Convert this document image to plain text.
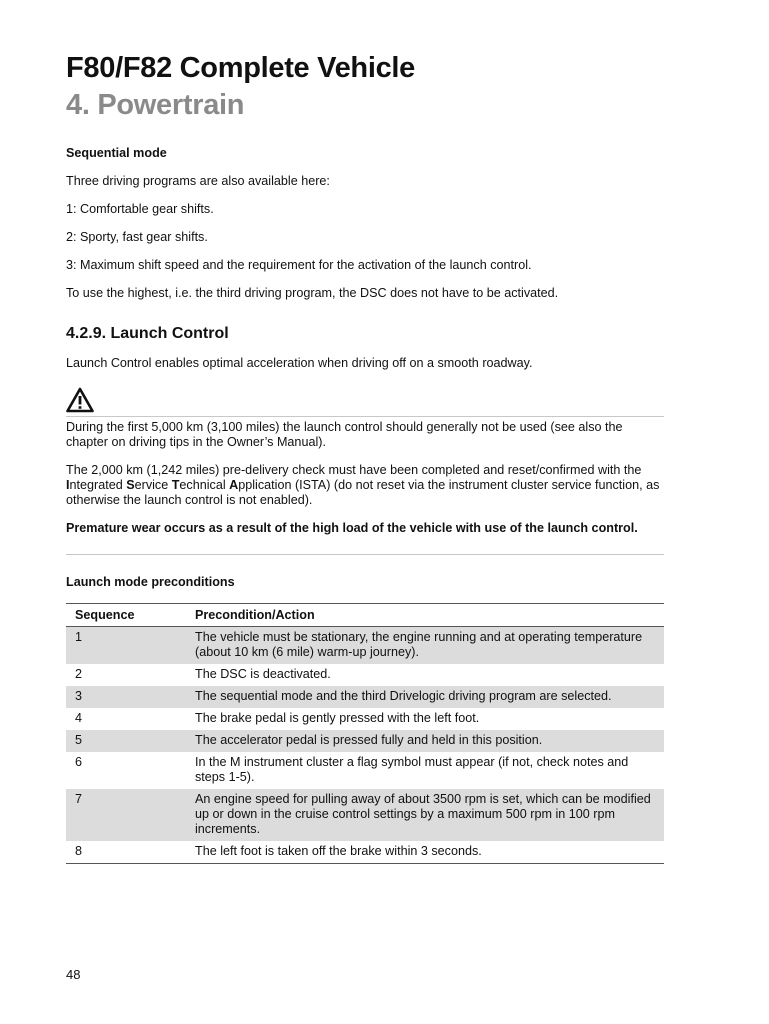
F80/F82 Complete Vehicle
4. Powertrain
Sequential mode
Three driving programs are also available here:
1: Comfortable gear shifts.
2: Sporty, fast gear shifts.
3: Maximum shift speed and the requirement for the activation of the launch control.
To use the highest, i.e. the third driving program, the DSC does not have to be activated.
4.2.9. Launch Control
Launch Control enables optimal acceleration when driving off on a smooth roadway.
During the first 5,000 km (3,100 miles) the launch control should generally not be used (see also the chapter on driving tips in the Owner’s Manual).
The 2,000 km (1,242 miles) pre-delivery check must have been completed and reset/confirmed with the Integrated Service Technical Application (ISTA) (do not reset via the instrument cluster service function, as otherwise the launch control is not enabled).
Premature wear occurs as a result of the high load of the vehicle with use of the launch control.
Launch mode preconditions
Sequence	Precondition/Action
1	The vehicle must be stationary, the engine running and at operating temperature (about 10 km (6 mile) warm-up journey).
2	The DSC is deactivated.
3	The sequential mode and the third Drivelogic driving program are selected.
4	The brake pedal is gently pressed with the left foot.
5	The accelerator pedal is pressed fully and held in this position.
6	In the M instrument cluster a flag symbol must appear (if not, check notes and steps 1-5).
7	An engine speed for pulling away of about 3500 rpm is set, which can be modified up or down in the cruise control settings by a maximum 500 rpm in 100 rpm increments.
8	The left foot is taken off the brake within 3 seconds.
48
